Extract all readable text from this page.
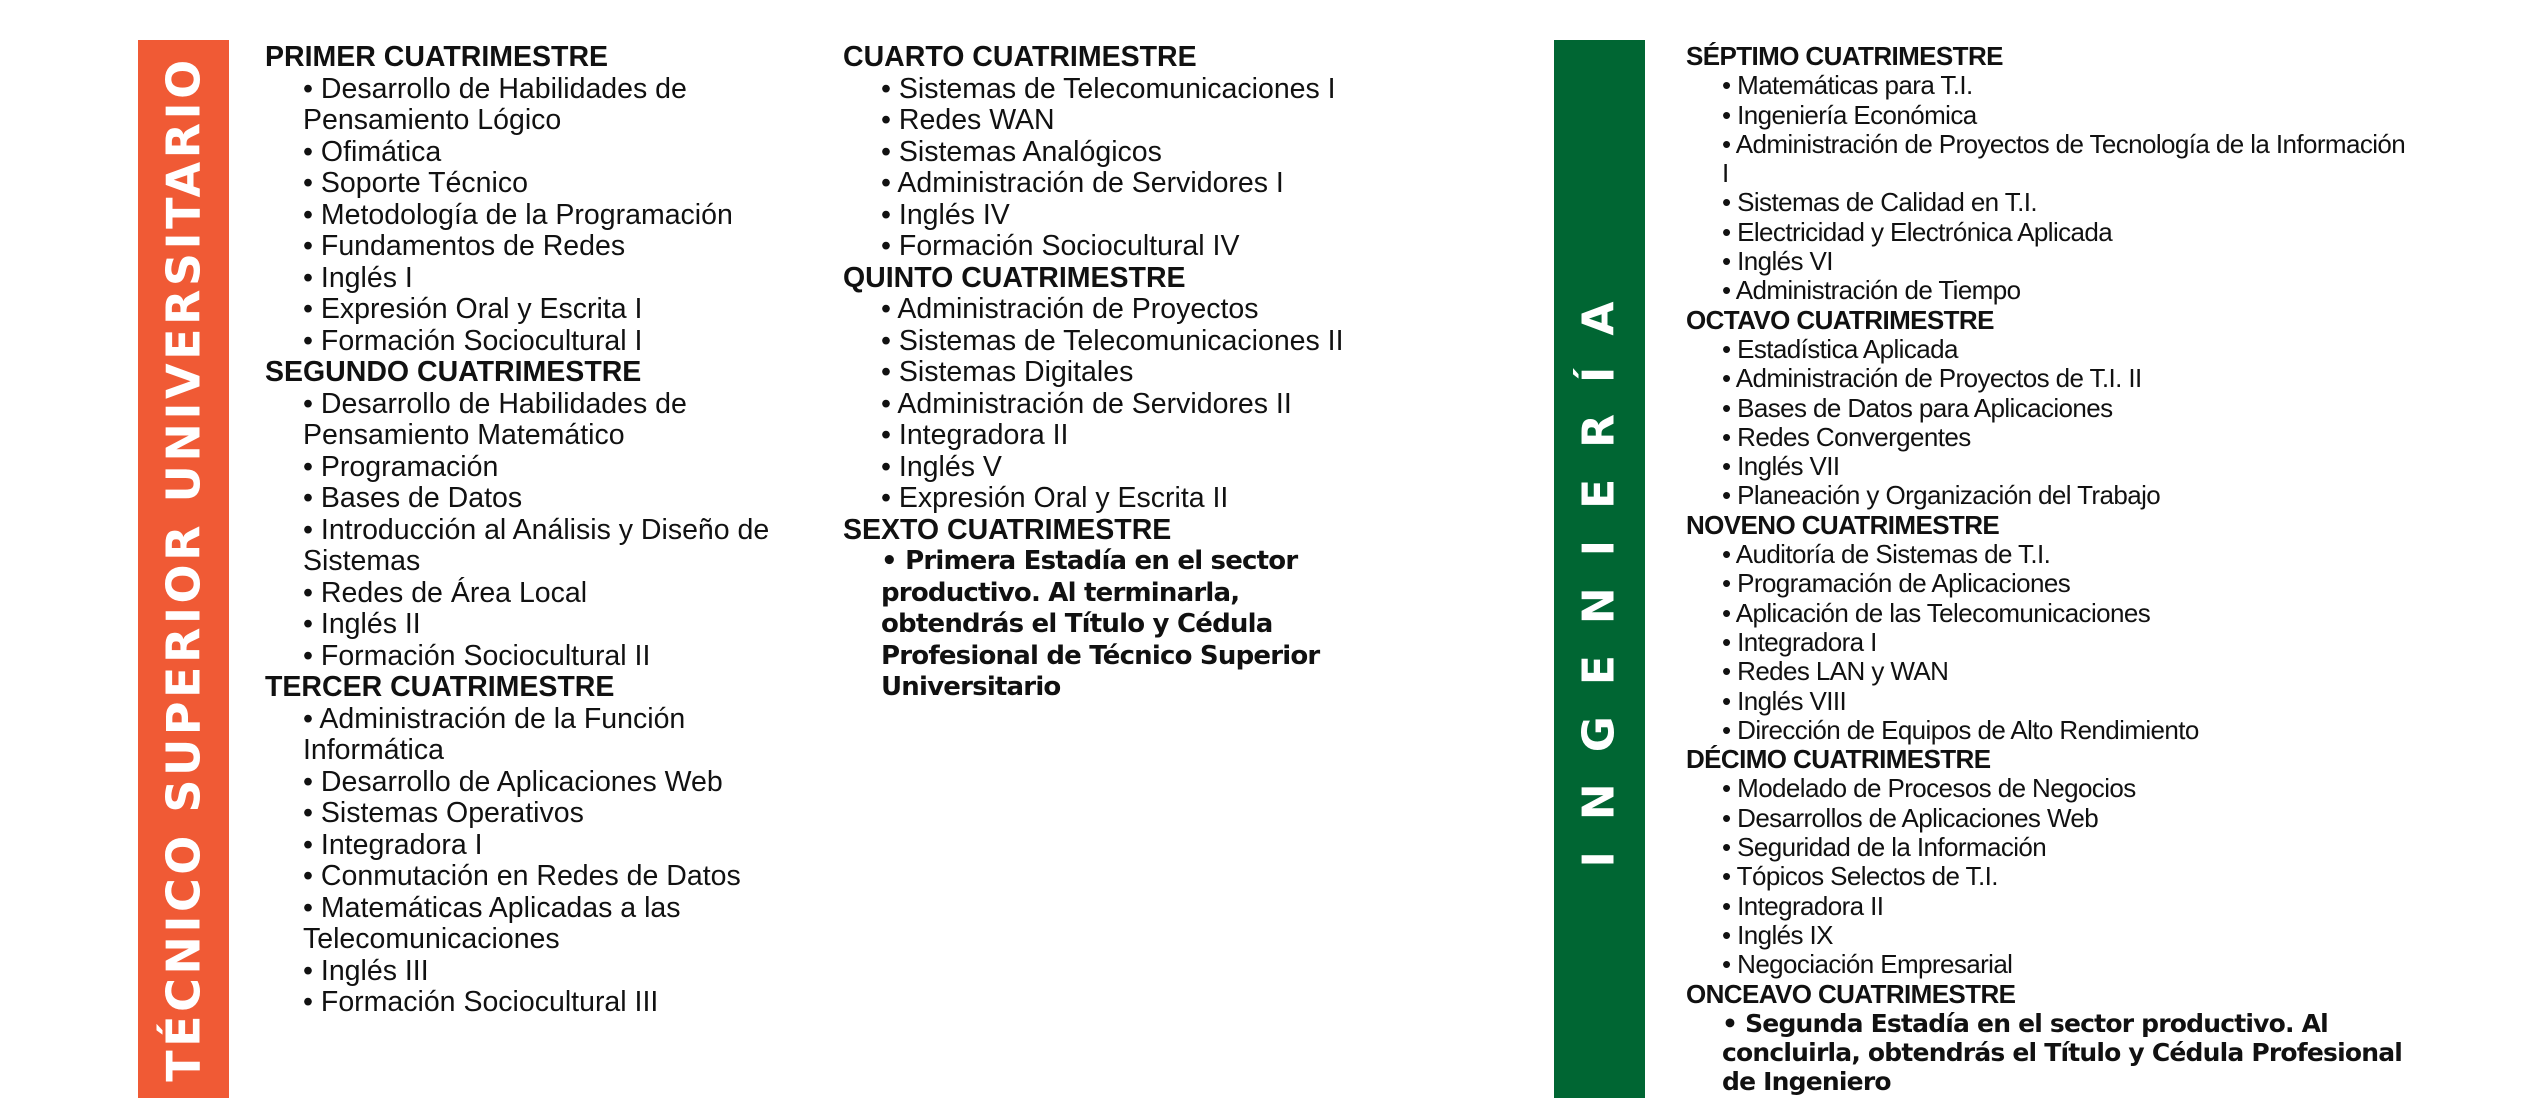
TÉCNICO SUPERIOR UNIVERSITARIO	INGENIERÍA
PRIMER CUATRIMESTRE
• Desarrollo de Habilidades de Pensamiento Lógico
• Ofimática
• Soporte Técnico
• Metodología de la Programación
• Fundamentos de Redes
• Inglés I
• Expresión Oral y Escrita I
• Formación Sociocultural I
SEGUNDO CUATRIMESTRE
• Desarrollo de Habilidades de Pensamiento Matemático
• Programación
• Bases de Datos
• Introducción al Análisis y Diseño de Sistemas
• Redes de Área Local
• Inglés II
• Formación Sociocultural II
TERCER CUATRIMESTRE
• Administración de la Función Informática
• Desarrollo de Aplicaciones Web
• Sistemas Operativos
• Integradora I
• Conmutación en Redes de Datos
• Matemáticas Aplicadas a las Telecomunicaciones
• Inglés III
• Formación Sociocultural III
CUARTO CUATRIMESTRE
• Sistemas de Telecomunicaciones I
• Redes WAN
• Sistemas Analógicos
• Administración de Servidores I
• Inglés IV
• Formación Sociocultural IV
QUINTO CUATRIMESTRE
• Administración de Proyectos
• Sistemas de Telecomunicaciones II
• Sistemas Digitales
• Administración de Servidores II
• Integradora II
• Inglés V
• Expresión Oral y Escrita II
SEXTO CUATRIMESTRE

• Primera Estadía en el sector productivo. Al terminarla, obtendrás el Título y Cédula Profesional de Técnico Superior Universitario

SÉPTIMO CUATRIMESTRE
• Matemáticas para T.I.
• Ingeniería Económica
• Administración de Proyectos de Tecnología de la Información I
• Sistemas de Calidad en T.I.
• Electricidad y Electrónica Aplicada
• Inglés VI
• Administración de Tiempo
OCTAVO CUATRIMESTRE
• Estadística Aplicada
• Administración de Proyectos de T.I. II
• Bases de Datos para Aplicaciones
• Redes Convergentes
• Inglés VII
• Planeación y Organización del Trabajo
NOVENO CUATRIMESTRE
• Auditoría de Sistemas de T.I.
• Programación de Aplicaciones
• Aplicación de las Telecomunicaciones
• Integradora I
• Redes LAN y WAN
• Inglés VIII
• Dirección de Equipos de Alto Rendimiento
DÉCIMO CUATRIMESTRE
• Modelado de Procesos de Negocios
• Desarrollos de Aplicaciones Web
• Seguridad de la Información
• Tópicos Selectos de T.I.
• Integradora II
• Inglés IX
• Negociación Empresarial
ONCEAVO CUATRIMESTRE

• Segunda Estadía en el sector productivo. Al concluirla, obtendrás el Título y Cédula Profesional de Ingeniero
